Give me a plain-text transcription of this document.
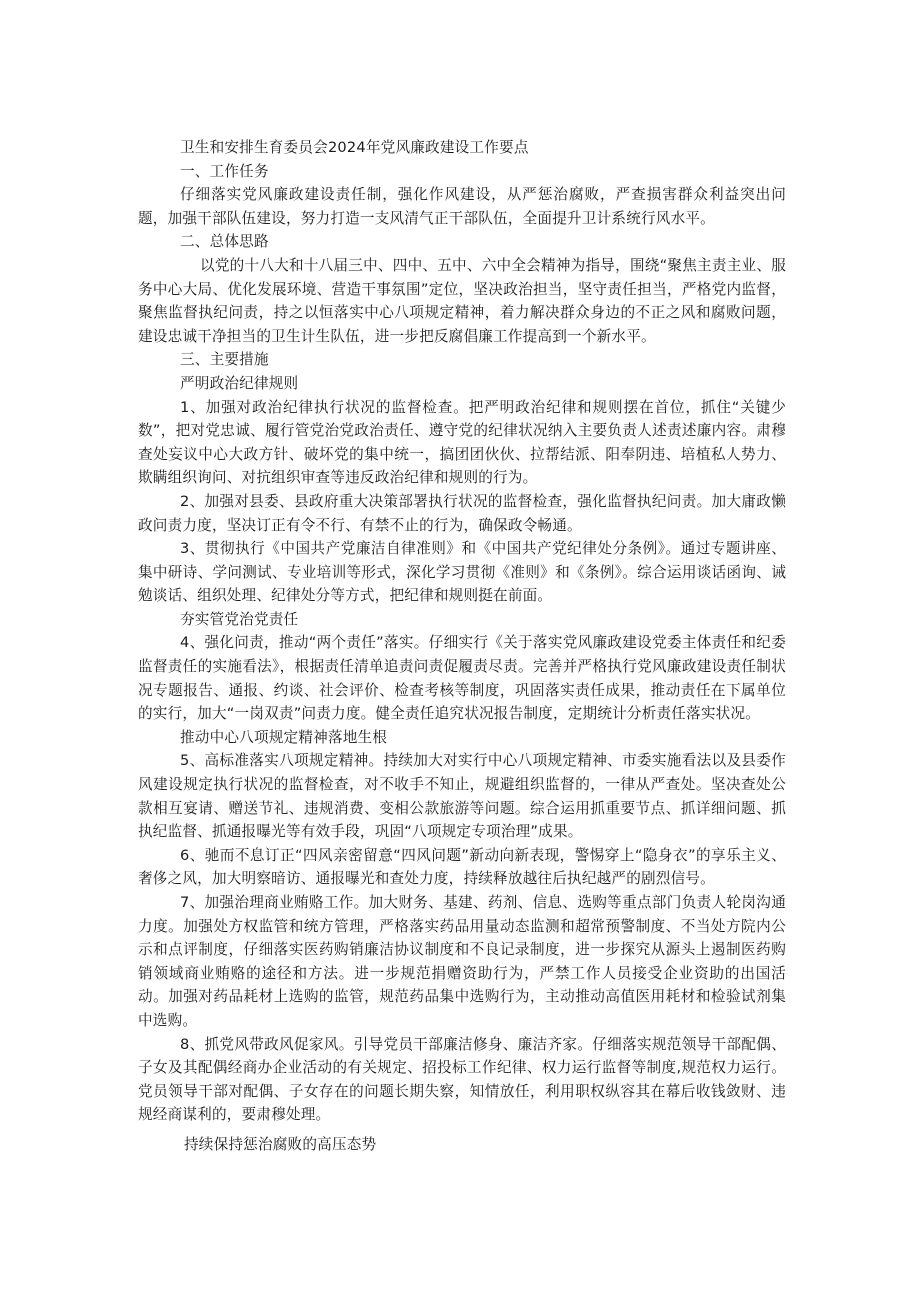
卫生和安排生育委员会2024年党风廉政建设工作要点

一、工作任务

仔细落实党风廉政建设责任制，强化作风建设，从严惩治腐败，严查损害群众利益突出问题，加强干部队伍建设，努力打造一支风清气正干部队伍，全面提升卫计系统行风水平。

二、总体思路

以党的十八大和十八届三中、四中、五中、六中全会精神为指导，围绕“聚焦主责主业、服务中心大局、优化发展环境、营造干事氛围”定位，坚决政治担当，坚守责任担当，严格党内监督，聚焦监督执纪问责，持之以恒落实中心八项规定精神，着力解决群众身边的不正之风和腐败问题，建设忠诚干净担当的卫生计生队伍，进一步把反腐倡廉工作提高到一个新水平。

三、主要措施

严明政治纪律规则

1、加强对政治纪律执行状况的监督检查。把严明政治纪律和规则摆在首位，抓住“关键少数”，把对党忠诚、履行管党治党政治责任、遵守党的纪律状况纳入主要负责人述责述廉内容。肃穆查处妄议中心大政方针、破坏党的集中统一，搞团团伙伙、拉帮结派、阳奉阴违、培植私人势力、欺瞒组织询问、对抗组织审查等违反政治纪律和规则的行为。

2、加强对县委、县政府重大决策部署执行状况的监督检查，强化监督执纪问责。加大庸政懒政问责力度，坚决订正有令不行、有禁不止的行为，确保政令畅通。

3、贯彻执行《中国共产党廉洁自律准则》和《中国共产党纪律处分条例》。通过专题讲座、集中研诗、学问测试、专业培训等形式，深化学习贯彻《准则》和《条例》。综合运用谈话函询、诫勉谈话、组织处理、纪律处分等方式，把纪律和规则挺在前面。

夯实管党治党责任

4、强化问责，推动“两个责任”落实。仔细实行《关于落实党风廉政建设党委主体责任和纪委监督责任的实施看法》，根据责任清单追责问责促履责尽责。完善并严格执行党风廉政建设责任制状况专题报告、通报、约谈、社会评价、检查考核等制度，巩固落实责任成果，推动责任在下属单位的实行，加大“一岗双责”问责力度。健全责任追究状况报告制度，定期统计分析责任落实状况。

推动中心八项规定精神落地生根

5、高标准落实八项规定精神。持续加大对实行中心八项规定精神、市委实施看法以及县委作风建设规定执行状况的监督检查，对不收手不知止，规避组织监督的，一律从严查处。坚决查处公款相互宴请、赠送节礼、违规消费、变相公款旅游等问题。综合运用抓重要节点、抓详细问题、抓执纪监督、抓通报曝光等有效手段，巩固“八项规定专项治理”成果。

6、驰而不息订正“四风亲密留意“四风问题”新动向新表现，警惕穿上“隐身衣”的享乐主义、奢侈之风，加大明察暗访、通报曝光和查处力度，持续释放越往后执纪越严的剧烈信号。

7、加强治理商业贿赂工作。加大财务、基建、药剂、信息、选购等重点部门负责人轮岗沟通力度。加强处方权监管和统方管理，严格落实药品用量动态监测和超常预警制度、不当处方院内公示和点评制度，仔细落实医药购销廉洁协议制度和不良记录制度，进一步探究从源头上遏制医药购销领域商业贿赂的途径和方法。进一步规范捐赠资助行为，严禁工作人员接受企业资助的出国活动。加强对药品耗材上选购的监管，规范药品集中选购行为，主动推动高值医用耗材和检验试剂集中选购。

8、抓党风带政风促家风。引导党员干部廉洁修身、廉洁齐家。仔细落实规范领导干部配偶、子女及其配偶经商办企业活动的有关规定、招投标工作纪律、权力运行监督等制度,规范权力运行。党员领导干部对配偶、子女存在的问题长期失察，知情放任，利用职权纵容其在幕后收钱敛财、违规经商谋利的，要肃穆处理。

持续保持惩治腐败的高压态势
